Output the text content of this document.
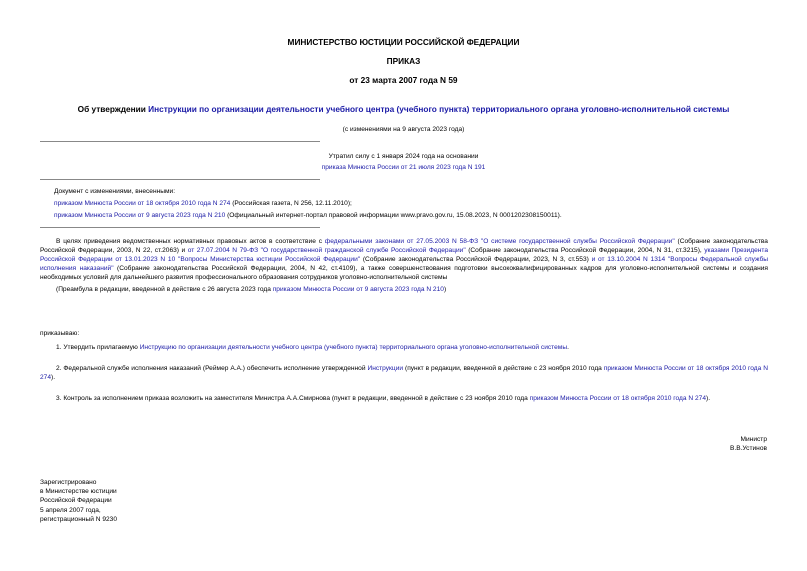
МИНИСТЕРСТВО ЮСТИЦИИ РОССИЙСКОЙ ФЕДЕРАЦИИ
ПРИКАЗ
от 23 марта 2007 года N 59
Об утверждении Инструкции по организации деятельности учебного центра (учебного пункта) территориального органа уголовно-исполнительной системы
(с изменениями на 9 августа 2023 года)
Утратил силу с 1 января 2024 года на основании
приказа Минюста России от 21 июля 2023 года N 191

Документ с изменениями, внесенными:

приказом Минюста России от 18 октября 2010 года N 274 (Российская газета, N 256, 12.11.2010);

приказом Минюста России от 9 августа 2023 года N 210 (Официальный интернет-портал правовой информации www.pravo.gov.ru, 15.08.2023, N 0001202308150011).

В целях приведения ведомственных нормативных правовых актов в соответствие с федеральными законами от 27.05.2003 N 58-ФЗ "О системе государственной службы Российской Федерации" (Собрание законодательства Российской Федерации, 2003, N 22, ст.2063) и от 27.07.2004 N 79-ФЗ "О государственной гражданской службе Российской Федерации" (Собрание законодательства Российской Федерации, 2004, N 31, ст.3215), указами Президента Российской Федерации от 13.01.2023 N 10 "Вопросы Министерства юстиции Российской Федерации" (Собрание законодательства Российской Федерации, 2023, N 3, ст.553) и от 13.10.2004 N 1314 "Вопросы Федеральной службы исполнения наказаний" (Собрание законодательства Российской Федерации, 2004, N 42, ст.4109), а также совершенствования подготовки высококвалифицированных кадров для уголовно-исполнительной системы и создания необходимых условий для дальнейшего развития профессионального образования сотрудников уголовно-исполнительной системы

(Преамбула в редакции, введенной в действие с 26 августа 2023 года приказом Минюста России от 9 августа 2023 года N 210)

приказываю:

1. Утвердить прилагаемую Инструкцию по организации деятельности учебного центра (учебного пункта) территориального органа уголовно-исполнительной системы.

2. Федеральной службе исполнения наказаний (Реймер А.А.) обеспечить исполнение утвержденной Инструкции (пункт в редакции, введенной в действие с 23 ноября 2010 года приказом Минюста России от 18 октября 2010 года N 274).

3. Контроль за исполнением приказа возложить на заместителя Министра А.А.Смирнова (пункт в редакции, введенной в действие с 23 ноября 2010 года приказом Минюста России от 18 октября 2010 года N 274).

Министр

В.В.Устинов

Зарегистрировано

в Министерстве юстиции

Российской Федерации

5 апреля 2007 года,

регистрационный N 9230
